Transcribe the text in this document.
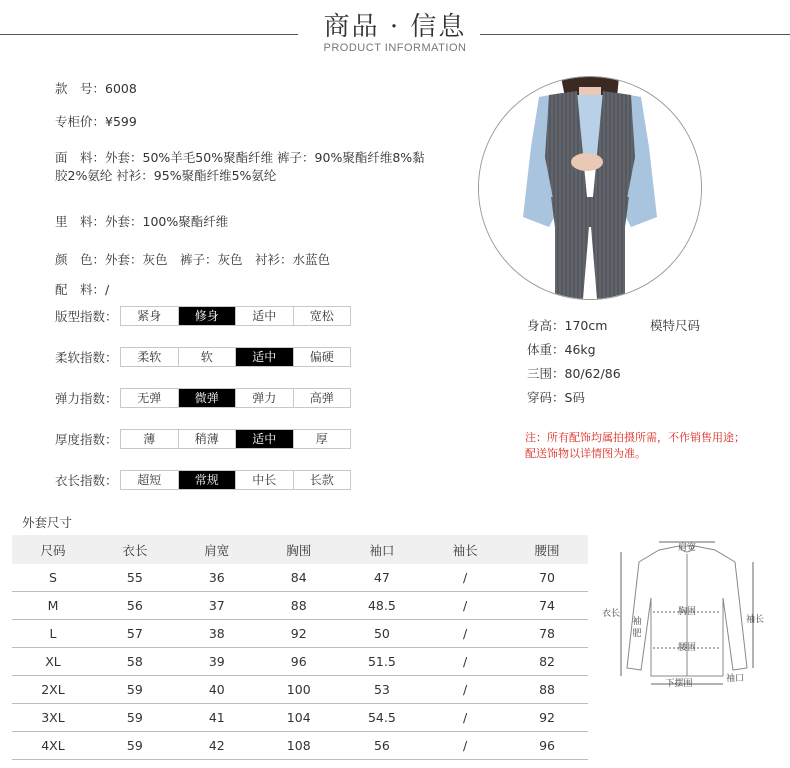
商品 · 信息
PRODUCT INFORMATION
款　号：6008
专柜价：¥599
面　料：外套：50%羊毛50%聚酯纤维 裤子：90%聚酯纤维8%黏
胶2%氨纶 衬衫：95%聚酯纤维5%氨纶
里　料：外套：100%聚酯纤维
颜　色：外套：灰色　裤子：灰色　衬衫：水蓝色
配　料：/
版型指数：	紧身	修身	适中	宽松
柔软指数：	柔软	软	适中	偏硬
弹力指数：	无弹	微弹	弹力	高弹
厚度指数：	薄	稍薄	适中	厚
衣长指数：	超短	常规	中长	长款
身高：170cm	模特尺码
体重：46kg
三围：80/62/86
穿码：S码
注：所有配饰均属拍摄所需，不作销售用途；
配送饰物以详情图为准。
外套尺寸
尺码	衣长	肩宽	胸围	袖口	袖长	腰围
S	55	36	84	47	/	70
M	56	37	88	48.5	/	74
L	57	38	92	50	/	78
XL	58	39	96	51.5	/	82
2XL	59	40	100	53	/	88
3XL	59	41	104	54.5	/	92
4XL	59	42	108	56	/	96
肩宽
胸围
腰围
衣长
袖长
袖
肥
下摆围	袖口
